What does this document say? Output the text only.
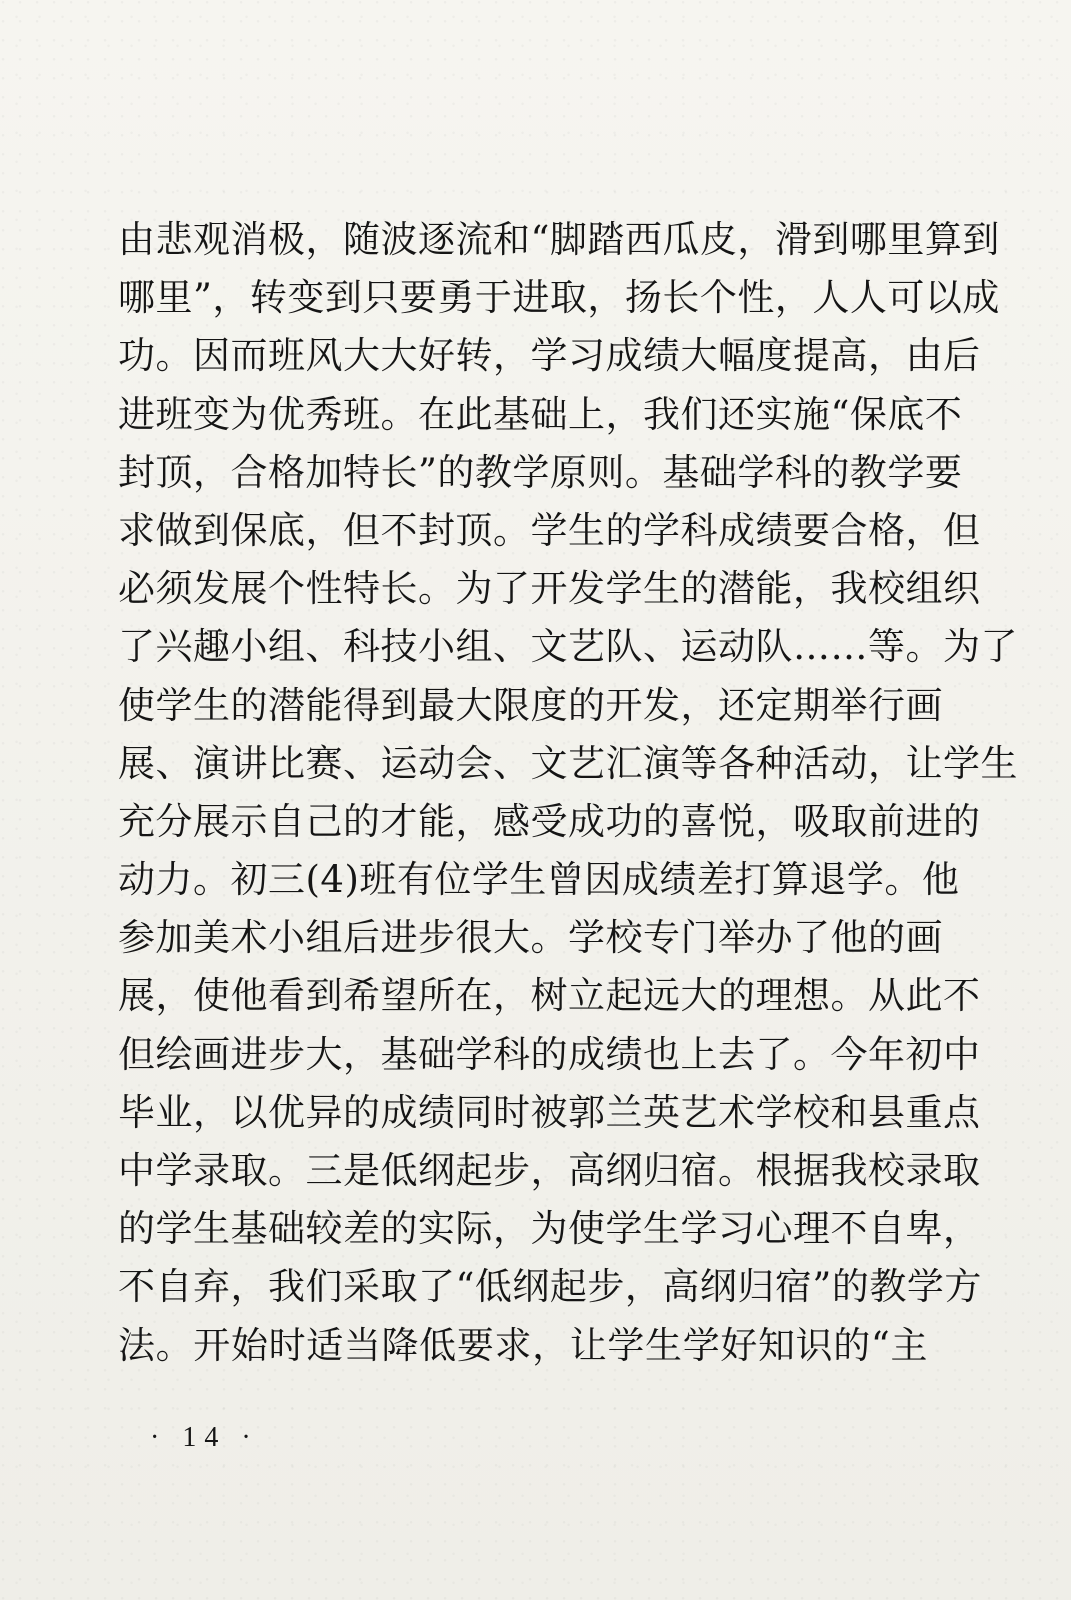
由悲观消极，随波逐流和“脚踏西瓜皮，滑到哪里算到
哪里”，转变到只要勇于进取，扬长个性，人人可以成
功。因而班风大大好转，学习成绩大幅度提高，由后
进班变为优秀班。在此基础上，我们还实施“保底不
封顶，合格加特长”的教学原则。基础学科的教学要
求做到保底，但不封顶。学生的学科成绩要合格，但
必须发展个性特长。为了开发学生的潜能，我校组织
了兴趣小组、科技小组、文艺队、运动队……等。为了
使学生的潜能得到最大限度的开发，还定期举行画
展、演讲比赛、运动会、文艺汇演等各种活动，让学生
充分展示自己的才能，感受成功的喜悦，吸取前进的
动力。初三(4)班有位学生曾因成绩差打算退学。他
参加美术小组后进步很大。学校专门举办了他的画
展，使他看到希望所在，树立起远大的理想。从此不
但绘画进步大，基础学科的成绩也上去了。今年初中
毕业，以优异的成绩同时被郭兰英艺术学校和县重点
中学录取。三是低纲起步，高纲归宿。根据我校录取
的学生基础较差的实际，为使学生学习心理不自卑，
不自弃，我们采取了“低纲起步，高纲归宿”的教学方
法。开始时适当降低要求，让学生学好知识的“主
· 14 ·
